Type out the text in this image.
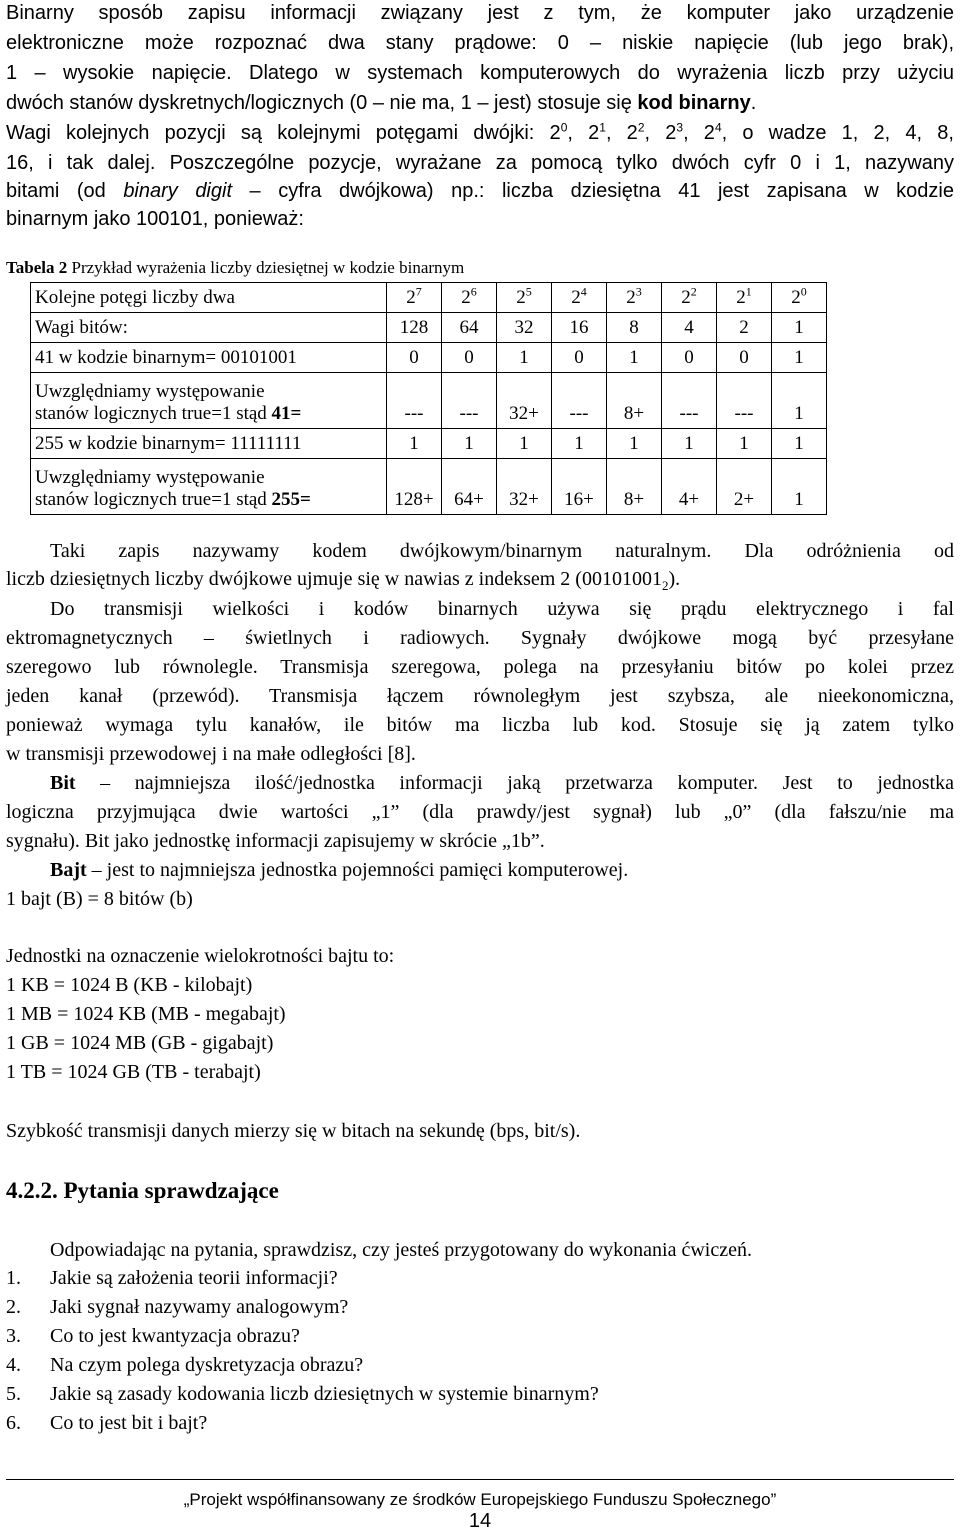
Binarny sposób zapisu informacji związany jest z tym, że komputer jako urządzenie
elektroniczne może rozpoznać dwa stany prądowe: 0 – niskie napięcie (lub jego brak),
1 – wysokie napięcie. Dlatego w systemach komputerowych do wyrażenia liczb przy użyciu
dwóch stanów dyskretnych/logicznych (0 – nie ma, 1 – jest) stosuje się kod binarny.
Wagi kolejnych pozycji są kolejnymi potęgami dwójki: $2^0$, $2^1$, $2^2$, $2^3$, $2^4$, o wadze 1, 2, 4, 8,
16, i tak dalej. Poszczególne pozycje, wyrażane za pomocą tylko dwóch cyfr 0 i 1, nazywany
bitami (od binary digit – cyfra dwójkowa) np.: liczba dziesiętna 41 jest zapisana w kodzie
binarnym jako 100101, ponieważ:
Tabela 2 Przykład wyrażenia liczby dziesiętnej w kodzie binarnym
Kolejne potęgi liczby dwa	$2^7$	$2^6$	$2^5$	$2^4$	$2^3$	$2^2$	$2^1$	$2^0$
Wagi bitów:	128	64	32	16	8	4	2	1
41 w kodzie binarnym= 00101001	0	0	1	0	1	0	0	1

Uwzględniamy występowanie
stanów logicznych true=1 stąd 41=	---	---	32+	---	8+	---	---	1
255 w kodzie binarnym= 11111111	1	1	1	1	1	1	1	1

Uwzględniamy występowanie
stanów logicznych true=1 stąd 255=	128+	64+	32+	16+	8+	4+	2+	1
Taki zapis nazywamy kodem dwójkowym/binarnym naturalnym. Dla odróżnienia od
liczb dziesiętnych liczby dwójkowe ujmuje się w nawias z indeksem 2 $(00101001_2)$.
Do transmisji wielkości i kodów binarnych używa się prądu elektrycznego i fal
ektromagnetycznych – świetlnych i radiowych. Sygnały dwójkowe mogą być przesyłane
szeregowo lub równolegle. Transmisja szeregowa, polega na przesyłaniu bitów po kolei przez
jeden kanał (przewód). Transmisja łączem równoległym jest szybsza, ale nieekonomiczna,
ponieważ wymaga tylu kanałów, ile bitów ma liczba lub kod. Stosuje się ją zatem tylko
w transmisji przewodowej i na małe odległości [8].
Bit – najmniejsza ilość/jednostka informacji jaką przetwarza komputer. Jest to jednostka
logiczna przyjmująca dwie wartości „1” (dla prawdy/jest sygnał) lub „0” (dla fałszu/nie ma
sygnału). Bit jako jednostkę informacji zapisujemy w skrócie „1b”.
Bajt – jest to najmniejsza jednostka pojemności pamięci komputerowej.
1 bajt (B) = 8 bitów (b)
Jednostki na oznaczenie wielokrotności bajtu to:
1 KB = 1024 B (KB - kilobajt)
1 MB = 1024 KB (MB - megabajt)
1 GB = 1024 MB (GB - gigabajt)
1 TB = 1024 GB (TB - terabajt)
Szybkość transmisji danych mierzy się w bitach na sekundę (bps, bit/s).
4.2.2. Pytania sprawdzające
Odpowiadając na pytania, sprawdzisz, czy jesteś przygotowany do wykonania ćwiczeń.
1. Jakie są założenia teorii informacji?
2. Jaki sygnał nazywamy analogowym?
3. Co to jest kwantyzacja obrazu?
4. Na czym polega dyskretyzacja obrazu?
5. Jakie są zasady kodowania liczb dziesiętnych w systemie binarnym?
6. Co to jest bit i bajt?
„Projekt współfinansowany ze środków Europejskiego Funduszu Społecznego”
14
